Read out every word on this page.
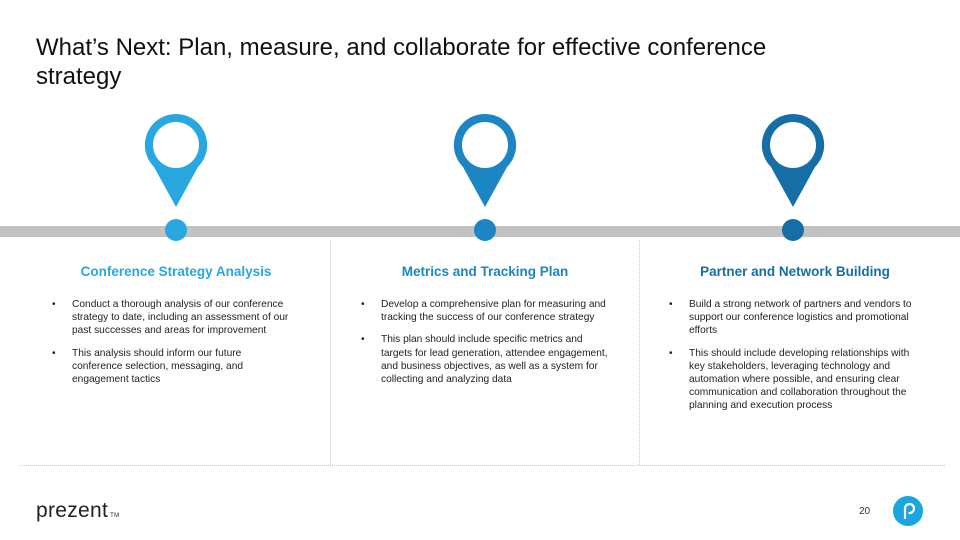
What’s Next: Plan, measure, and collaborate for effective conference strategy
Conference Strategy Analysis
• Conduct a thorough analysis of our conference strategy to date, including an assessment of our past successes and areas for improvement
• This analysis should inform our future conference selection, messaging, and engagement tactics
Metrics and Tracking Plan
• Develop a comprehensive plan for measuring and tracking the success of our conference strategy
• This plan should include specific metrics and targets for lead generation, attendee engagement, and business objectives, as well as a system for collecting and analyzing data
Partner and Network Building
• Build a strong network of partners and vendors to support our conference logistics and promotional efforts
• This should include developing relationships with key stakeholders, leveraging technology and automation where possible, and ensuring clear communication and collaboration throughout the planning and execution process
prezent TM	20
